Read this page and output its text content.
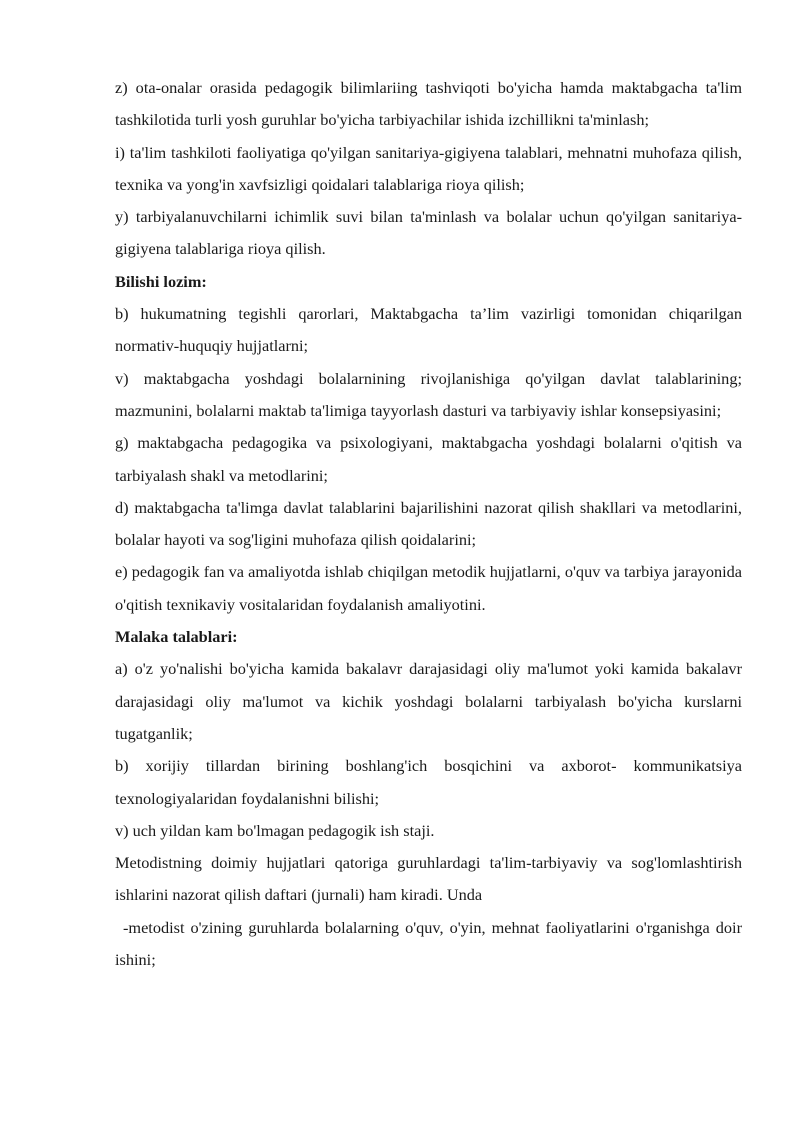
z) ota-onalar orasida pedagogik bilimlariing tashviqoti bo'yicha hamda maktabgacha ta'lim tashkilotida turli yosh guruhlar bo'yicha tarbiyachilar ishida izchillikni ta'minlash;

i) ta'lim tashkiloti faoliyatiga qo'yilgan sanitariya-gigiyena talablari, mehnatni muhofaza qilish, texnika va yong'in xavfsizligi qoidalari talablariga rioya qilish;

y) tarbiyalanuvchilarni ichimlik suvi bilan ta'minlash va bolalar uchun qo'yilgan sanitariya-gigiyena talablariga rioya qilish.

Bilishi lozim:

b) hukumatning tegishli qarorlari, Maktabgacha ta’lim vazirligi tomonidan chiqarilgan normativ-huquqiy hujjatlarni;

v) maktabgacha yoshdagi bolalarnining rivojlanishiga qo'yilgan davlat talablarining; mazmunini, bolalarni maktab ta'limiga tayyorlash dasturi va tarbiyaviy ishlar konsepsiyasini;

g) maktabgacha pedagogika va psixologiyani, maktabgacha yoshdagi bolalarni o'qitish va tarbiyalash shakl va metodlarini;

d) maktabgacha ta'limga davlat talablarini bajarilishini nazorat qilish shakllari va metodlarini, bolalar hayoti va sog'ligini muhofaza qilish qoidalarini;

e) pedagogik fan va amaliyotda ishlab chiqilgan metodik hujjatlarni, o'quv va tarbiya jarayonida o'qitish texnikaviy vositalaridan foydalanish amaliyotini.

Malaka talablari:

a) o'z yo'nalishi bo'yicha kamida bakalavr darajasidagi oliy ma'lumot yoki kamida bakalavr darajasidagi oliy ma'lumot va kichik yoshdagi bolalarni tarbiyalash bo'yicha kurslarni tugatganlik;

b) xorijiy tillardan birining boshlang'ich bosqichini va axborot- kommunikatsiya texnologiyalaridan foydalanishni bilishi;

v) uch yildan kam bo'lmagan pedagogik ish staji.

Metodistning doimiy hujjatlari qatoriga guruhlardagi ta'lim-tarbiyaviy va sog'lomlashtirish ishlarini nazorat qilish daftari (jurnali) ham kiradi. Unda

-metodist o'zining guruhlarda bolalarning o'quv, o'yin, mehnat faoliyatlarini o'rganishga doir ishini;
